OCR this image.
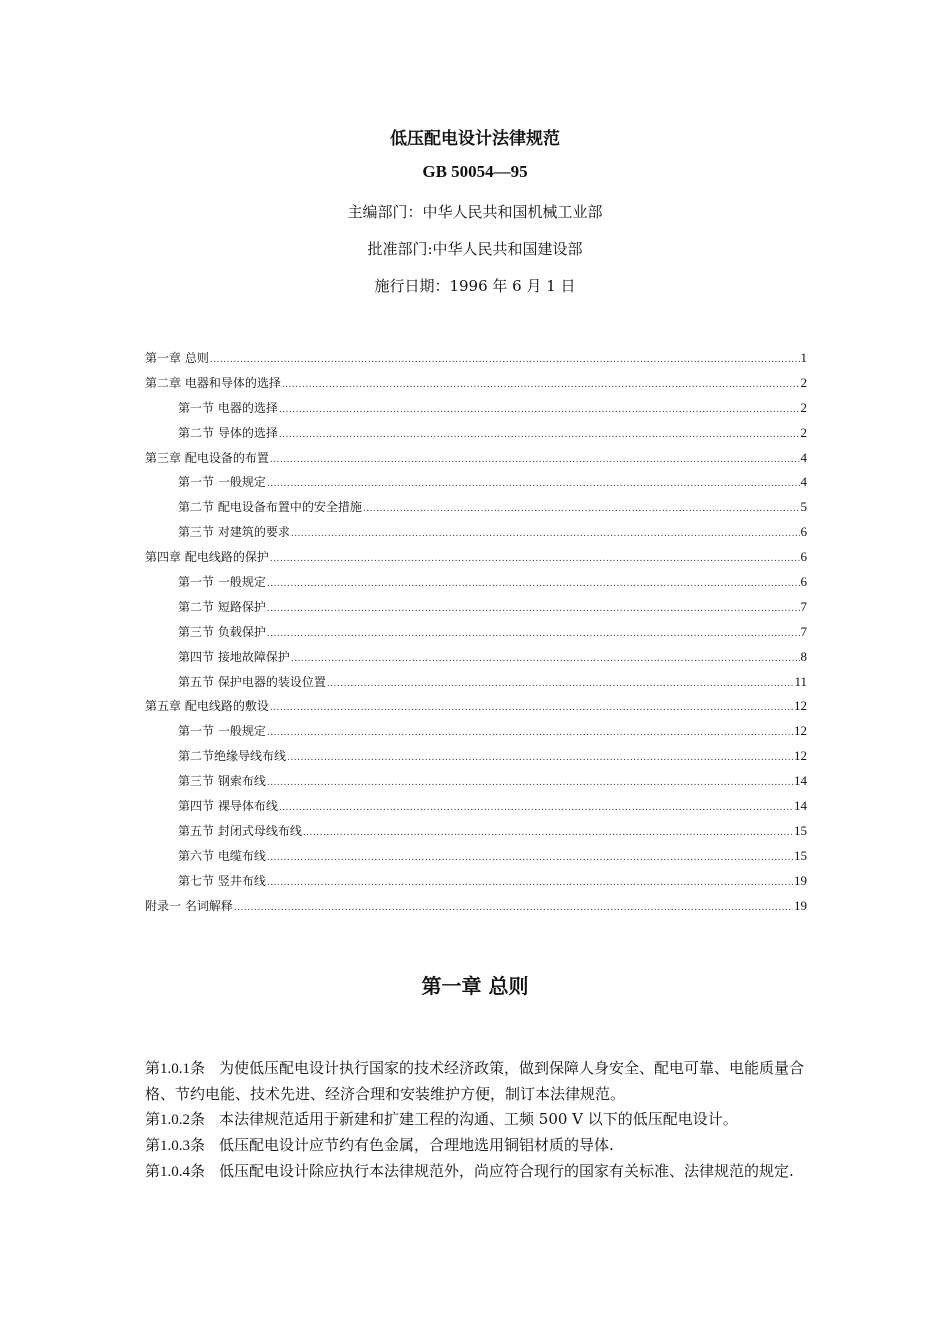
低压配电设计法律规范
GB 50054—95
主编部门：中华人民共和国机械工业部
批准部门:中华人民共和国建设部
施行日期：1996 年 6 月 1 日
第一章 总则 .....	1
第二章 电器和导体的选择 .....	2
第一节 电器的选择 .....	2
第二节 导体的选择 .....	2
第三章 配电设备的布置 .....	4
第一节 一般规定 .....	4
第二节 配电设备布置中的安全措施 .....	5
第三节 对建筑的要求 .....	6
第四章 配电线路的保护 .....	6
第一节 一般规定 .....	6
第二节 短路保护 .....	7
第三节 负载保护 .....	7
第四节 接地故障保护 .....	8
第五节 保护电器的装设位置 .....	11
第五章 配电线路的敷设 .....	12
第一节 一般规定 .....	12
第二节绝缘导线布线 .....	12
第三节 钢索布线 .....	14
第四节 裸导体布线 .....	14
第五节 封闭式母线布线 .....	15
第六节 电缆布线 .....	15
第七节 竖井布线 .....	19
附录一 名词解释 .....	19
第一章 总则

第1.0.1条 为使低压配电设计执行国家的技术经济政策，做到保障人身安全、配电可靠、电能质量合格、节约电能、技术先进、经济合理和安装维护方便，制订本法律规范。

第1.0.2条 本法律规范适用于新建和扩建工程的沟通、工频 500 V 以下的低压配电设计。

第1.0.3条 低压配电设计应节约有色金属，合理地选用铜铝材质的导体.

第1.0.4条 低压配电设计除应执行本法律规范外，尚应符合现行的国家有关标准、法律规范的规定.
